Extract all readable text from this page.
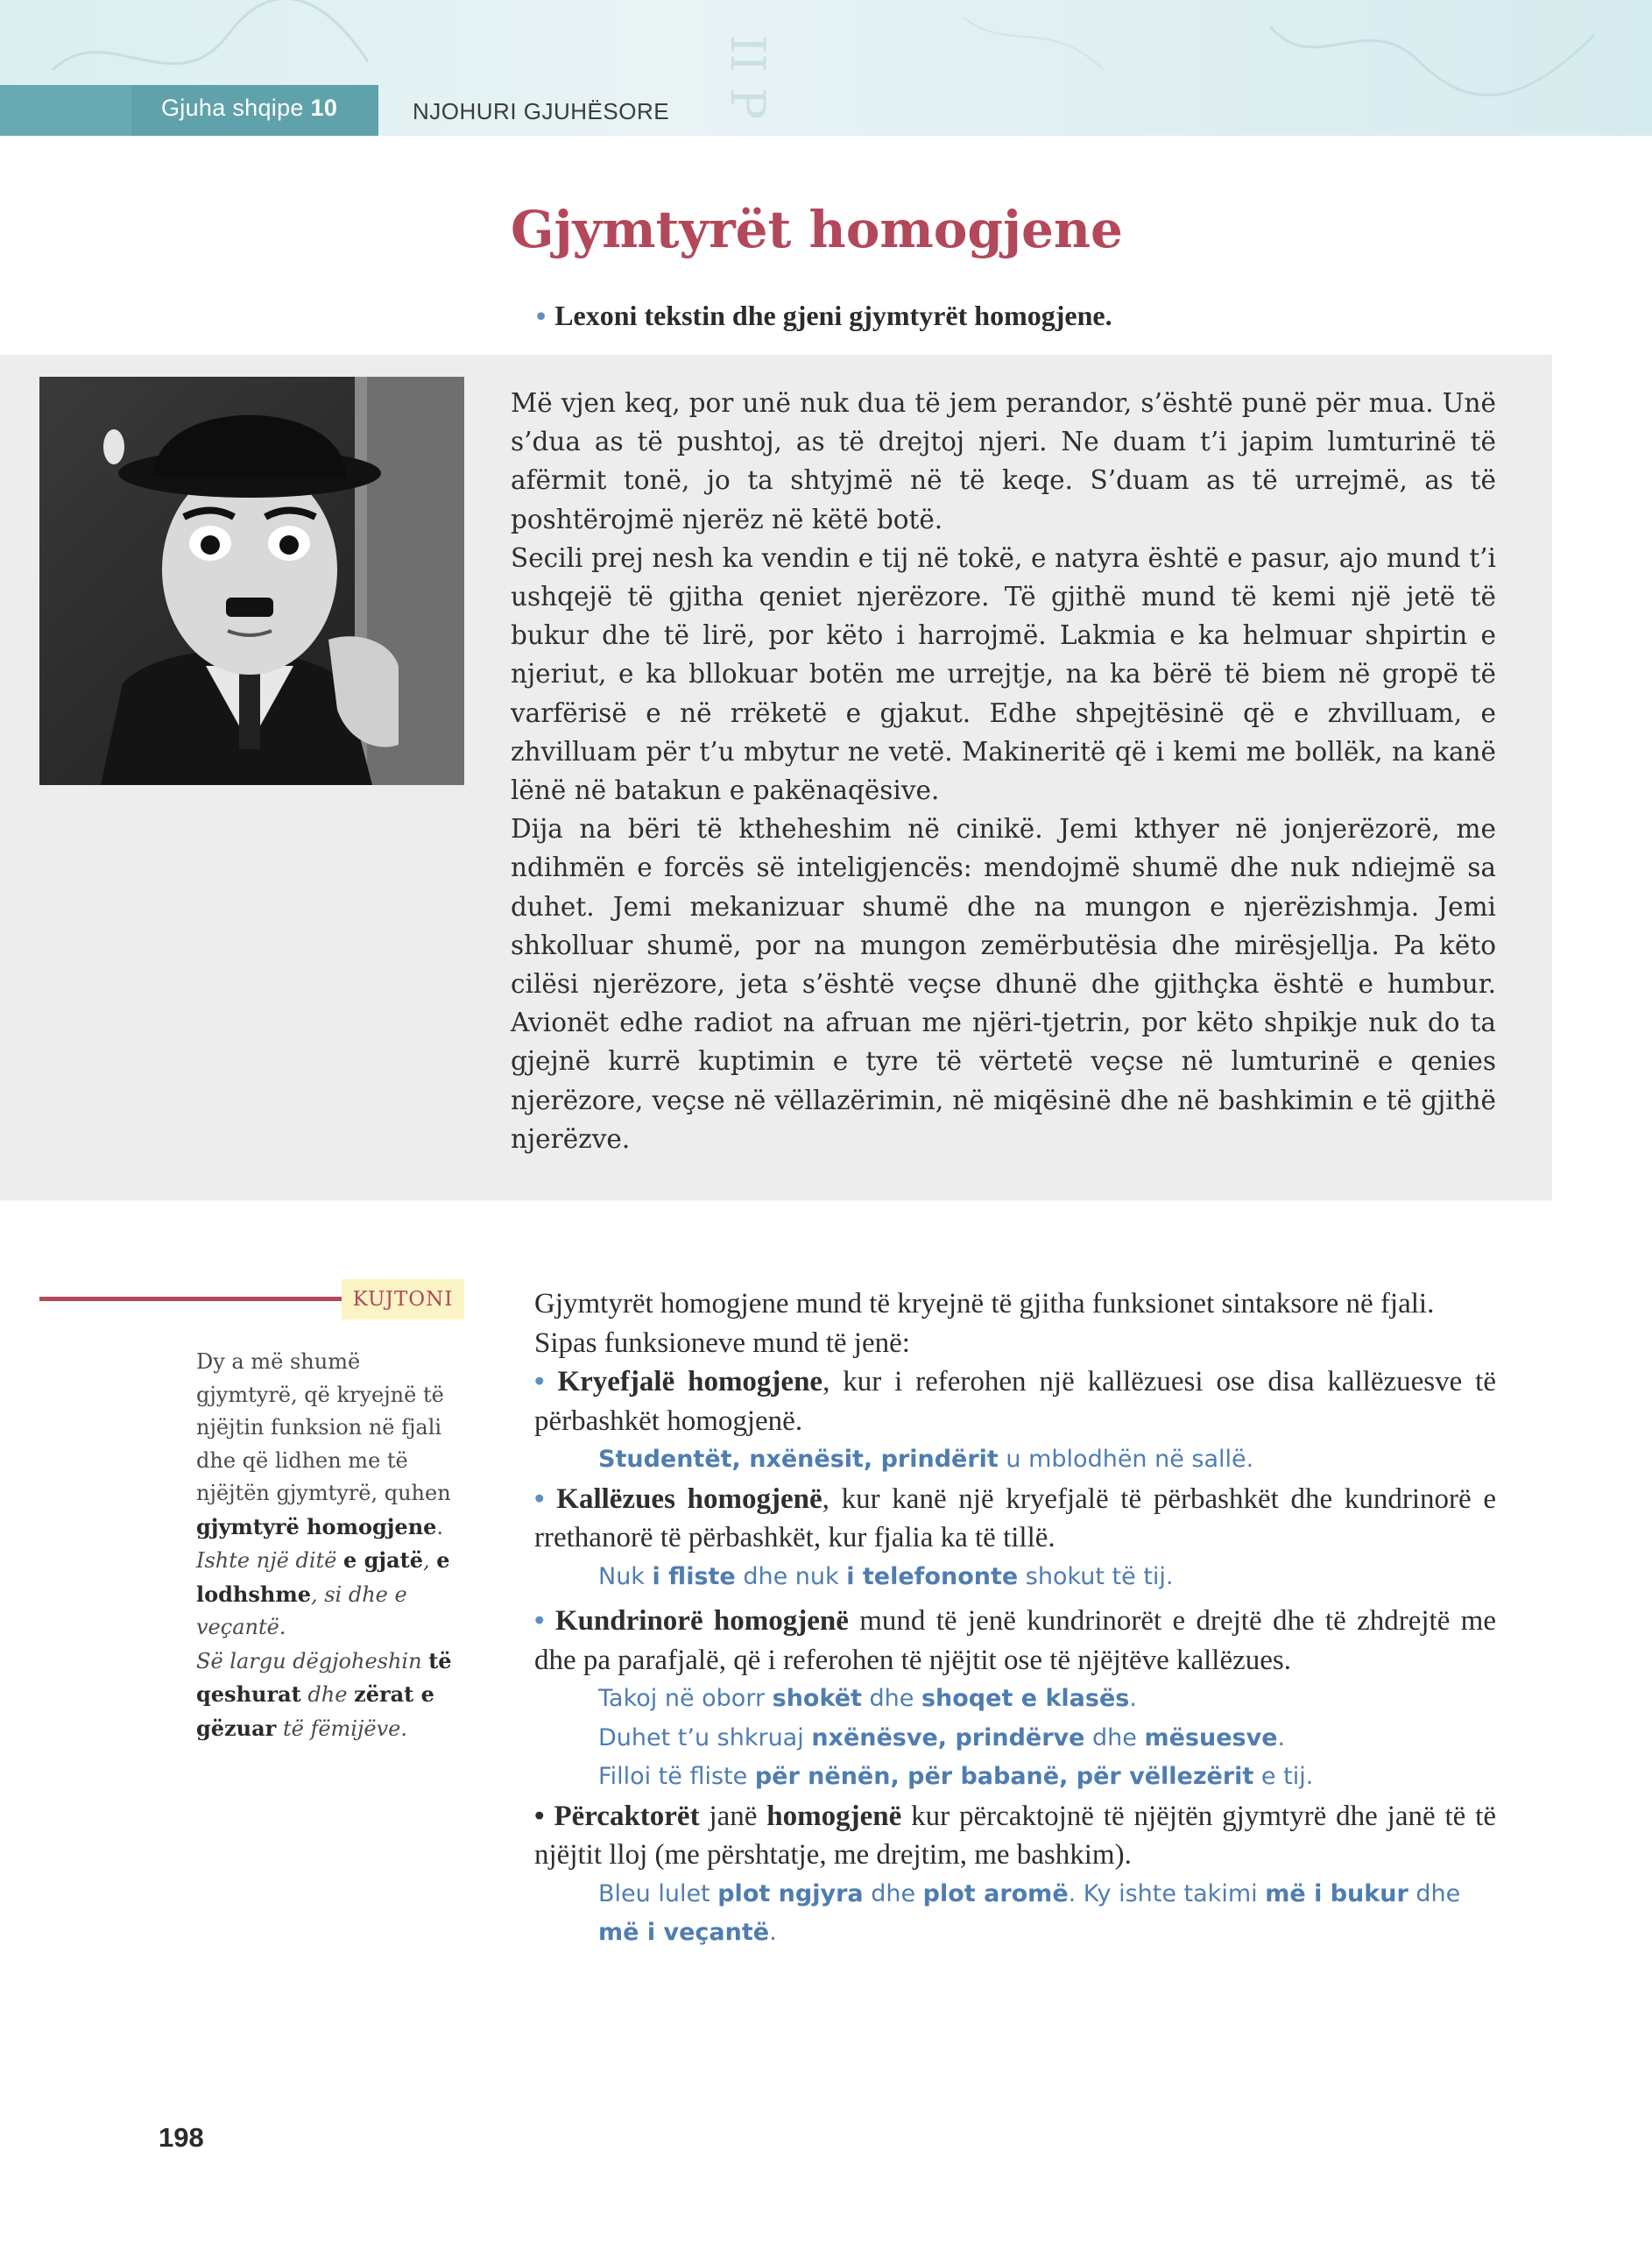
II P
Gjuha shqipe 10	NJOHURI GJUHËSORE
Gjymtyrët homogjene
• Lexoni tekstin dhe gjeni gjymtyrët homogjene.

Më vjen keq, por unë nuk dua të jem perandor, s’është punë për mua. Unë s’dua as të pushtoj, as të drejtoj njeri. Ne duam t’i japim lumturinë të afërmit tonë, jo ta shtyjmë në të keqe. S’duam as të urrejmë, as të poshtërojmë njerëz në këtë botë.

Secili prej nesh ka vendin e tij në tokë, e natyra është e pasur, ajo mund t’i ushqejë të gjitha qeniet njerëzore. Të gjithë mund të kemi një jetë të bukur dhe të lirë, por këto i harrojmë. Lakmia e ka helmuar shpirtin e njeriut, e ka bllokuar botën me urrejtje, na ka bërë të biem në gropë të varfërisë e në rrëketë e gjakut. Edhe shpejtësinë që e zhvilluam, e zhvilluam për t’u mbytur ne vetë. Makineritë që i kemi me bollëk, na kanë lënë në batakun e pakënaqësive.

Dija na bëri të ktheheshim në cinikë. Jemi kthyer në jonjerëzorë, me ndihmën e forcës së inteligjencës: mendojmë shumë dhe nuk ndiejmë sa duhet. Jemi mekanizuar shumë dhe na mungon e njerëzishmja. Jemi shkolluar shumë, por na mungon zemërbutësia dhe mirësjellja. Pa këto cilësi njerëzore, jeta s’është veçse dhunë dhe gjithçka është e humbur. Avionët edhe radiot na afruan me njëri-tjetrin, por këto shpikje nuk do ta gjejnë kurrë kuptimin e tyre të vërtetë veçse në lumturinë e qenies njerëzore, veçse në vëllazërimin, në miqësinë dhe në bashkimin e të gjithë njerëzve.

KUJTONI
Dy a më shumë gjymtyrë, që kryejnë të njëjtin funksion në fjali dhe që lidhen me të njëjtën gjymtyrë, quhen gjymtyrë homogjene.
Ishte një ditë e gjatë, e lodhshme, si dhe e veçantë.
Së largu dëgjoheshin të qeshurat dhe zërat e gëzuar të fëmijëve.

Gjymtyrët homogjene mund të kryejnë të gjitha funksionet sintaksore në fjali.

Sipas funksioneve mund të jenë:

• Kryefjalë homogjene, kur i referohen një kallëzuesi ose disa kallëzuesve të përbashkët homogjenë.

Studentët, nxënësit, prindërit u mblodhën në sallë.

• Kallëzues homogjenë, kur kanë një kryefjalë të përbashkët dhe kundrinorë e rrethanorë të përbashkët, kur fjalia ka të tillë.

Nuk i fliste dhe nuk i telefononte shokut të tij.

• Kundrinorë homogjenë mund të jenë kundrinorët e drejtë dhe të zhdrejtë me dhe pa parafjalë, që i referohen të njëjtit ose të njëjtëve kallëzues.

Takoj në oborr shokët dhe shoqet e klasës.
Duhet t’u shkruaj nxënësve, prindërve dhe mësuesve.
Filloi të fliste për nënën, për babanë, për vëllezërit e tij.

• Përcaktorët janë homogjenë kur përcaktojnë të njëjtën gjymtyrë dhe janë të të njëjtit lloj (me përshtatje, me drejtim, me bashkim).

Bleu lulet plot ngjyra dhe plot aromë. Ky ishte takimi më i bukur dhe më i veçantë.
198
